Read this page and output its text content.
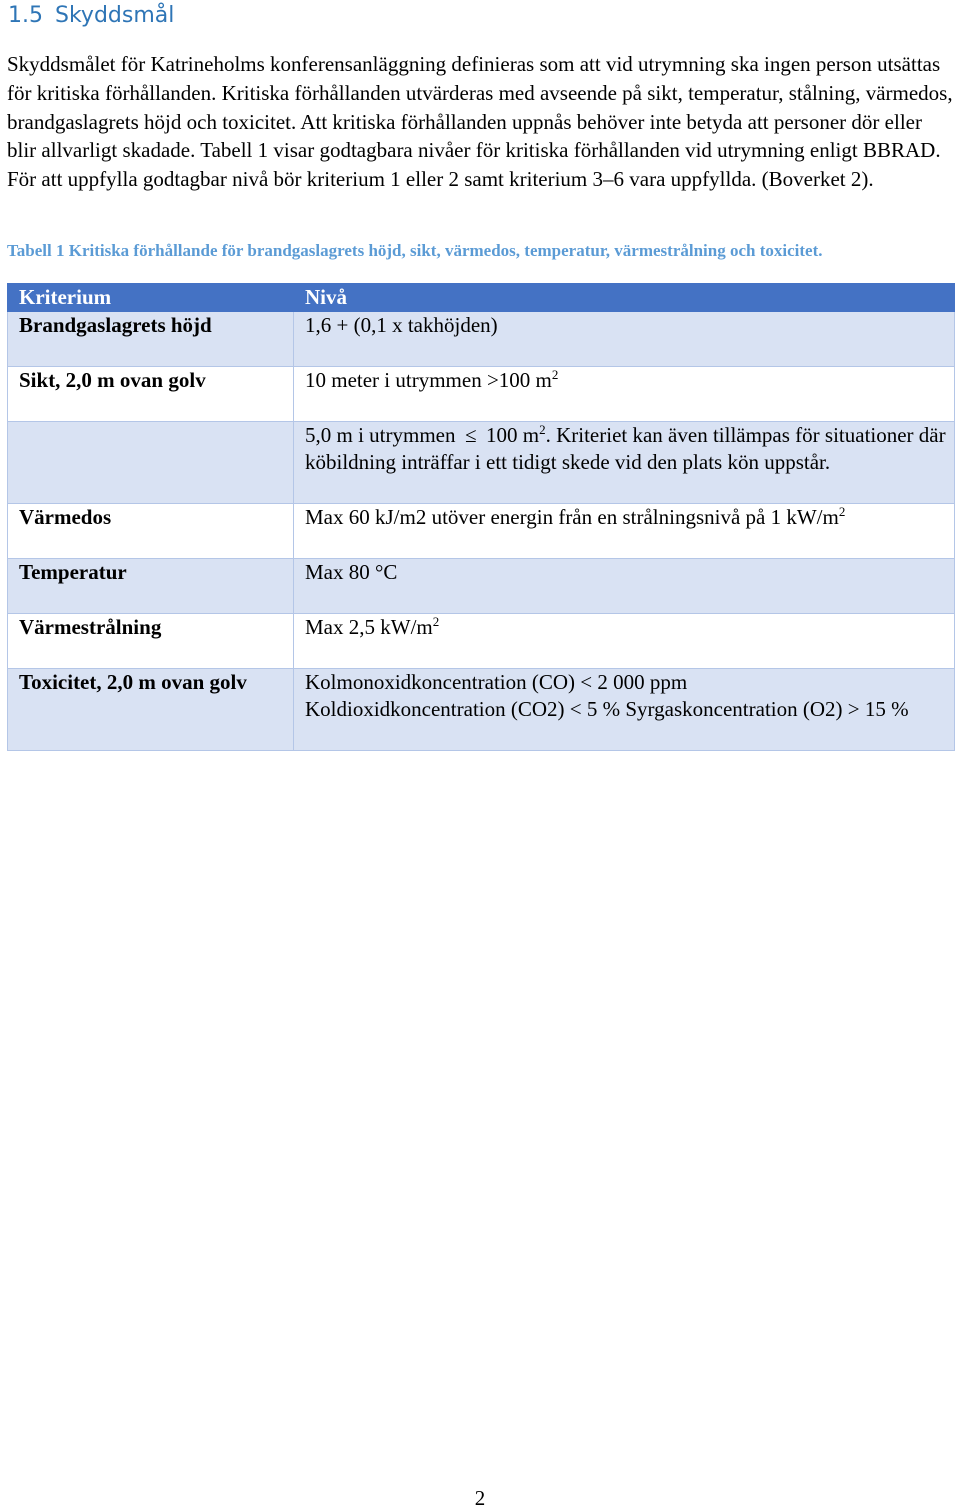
1.5 Skyddsmål

Skyddsmålet för Katrineholms konferensanläggning definieras som att vid utrymning ska ingen person utsättas för kritiska förhållanden. Kritiska förhållanden utvärderas med avseende på sikt, temperatur, stålning, värmedos, brandgaslagrets höjd och toxicitet. Att kritiska förhållanden uppnås behöver inte betyda att personer dör eller blir allvarligt skadade. Tabell 1 visar godtagbara nivåer för kritiska förhållanden vid utrymning enligt BBRAD. För att uppfylla godtagbar nivå bör kriterium 1 eller 2 samt kriterium 3–6 vara uppfyllda. (Boverket 2).

Tabell 1 Kritiska förhållande för brandgaslagrets höjd, sikt, värmedos, temperatur, värmestrålning och toxicitet.
Kriterium	Nivå
Brandgaslagrets höjd	1,6 + (0,1 x takhöjden)
Sikt, 2,0 m ovan golv	10 meter i utrymmen >100 $m^2$
	5,0 m i utrymmen ≤ 100 $m^2$. Kriteriet kan även tillämpas för situationer där köbildning inträffar i ett tidigt skede vid den plats kön uppstår.
Värmedos	Max 60 kJ/m2 utöver energin från en strålningsnivå på 1 $kW/m^2$
Temperatur	Max 80 °C
Värmestrålning	Max 2,5 $kW/m^2$
Toxicitet, 2,0 m ovan golv	Kolmonoxidkoncentration (CO) < 2 000 ppm
Koldioxidkoncentration (CO2) < 5 % Syrgaskoncentration (O2) > 15 %
2
